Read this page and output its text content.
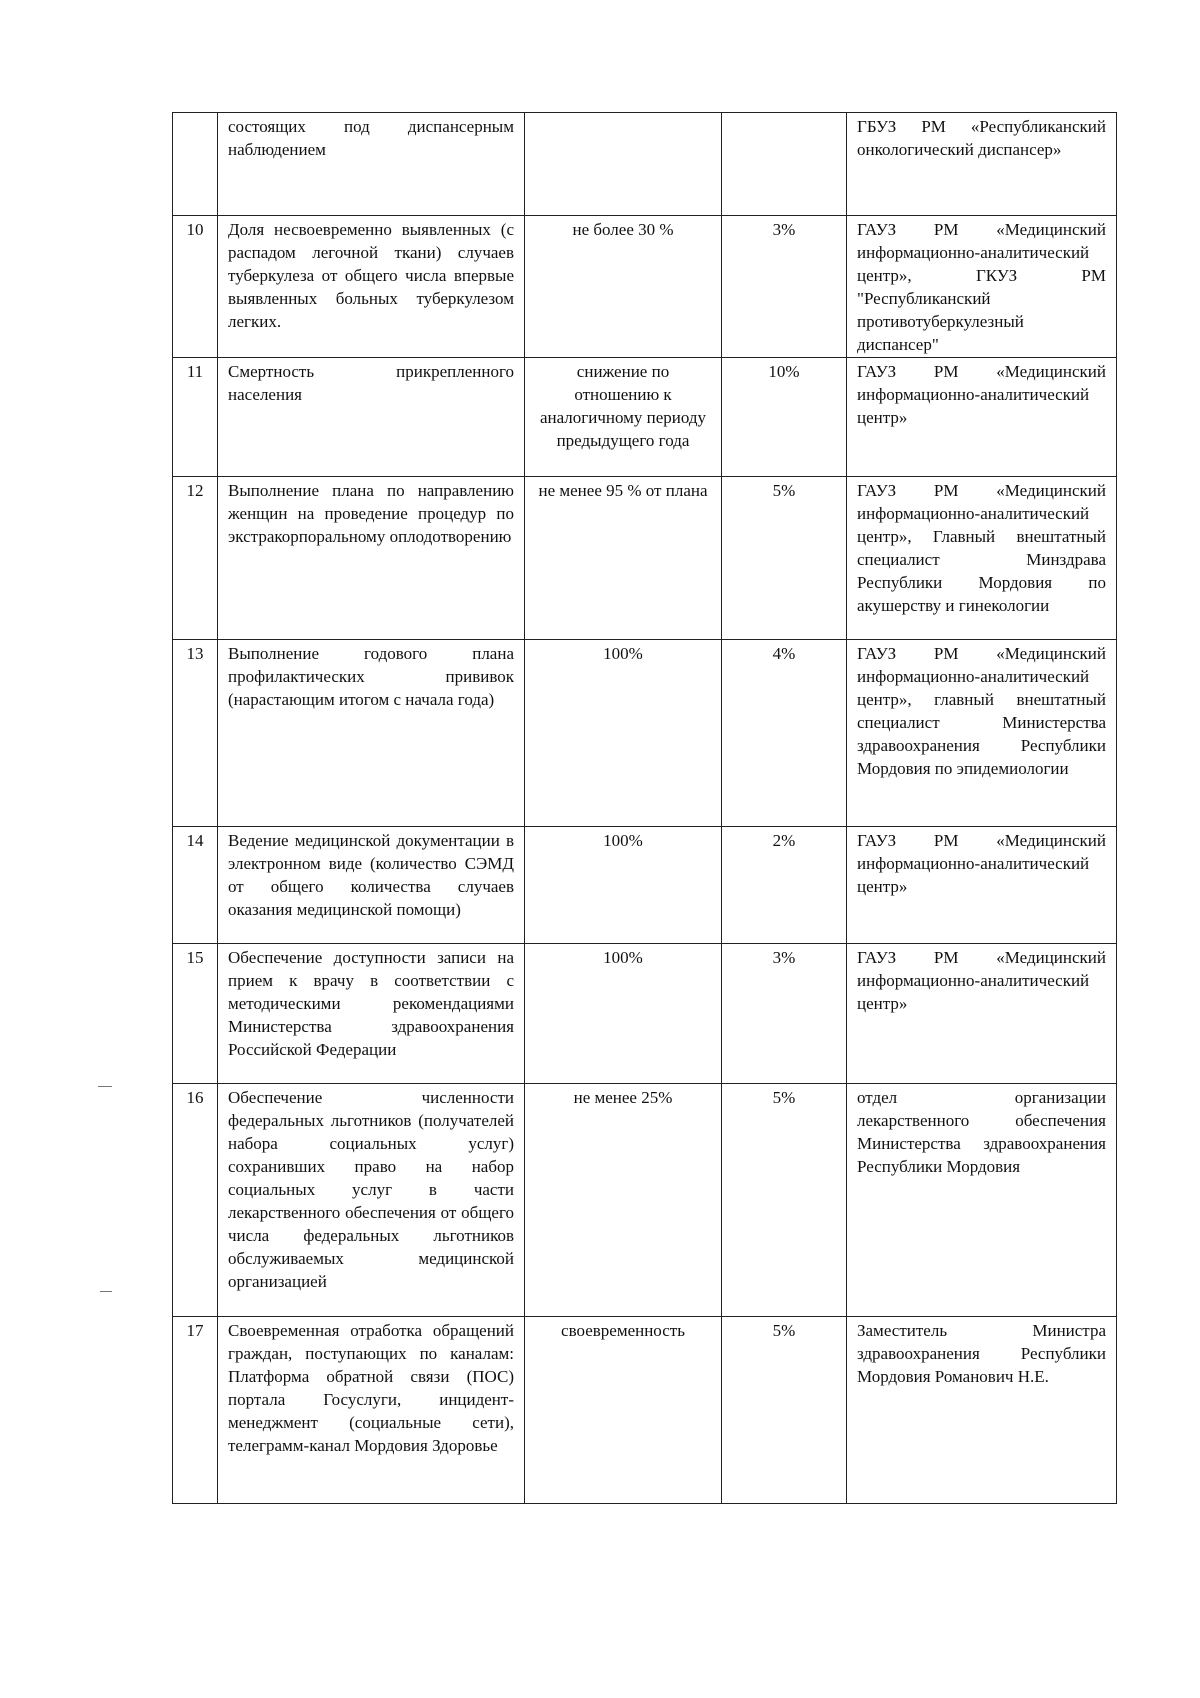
	состоящих под диспансерным наблюдением			ГБУЗ РМ «Республиканский онкологический диспансер»
10	Доля несвоевременно выявленных (с распадом легочной ткани) случаев туберкулеза от общего числа впервые выявленных больных туберкулезом легких.	не более 30 %	3%	ГАУЗ РМ «Медицинский информационно-аналитический центр», ГКУЗ РМ "Республиканский противотуберкулезный диспансер"
11	Смертность прикрепленного населения	снижение по отношению к аналогичному периоду предыдущего года	10%	ГАУЗ РМ «Медицинский информационно-аналитический центр»
12	Выполнение плана по направлению женщин на проведение процедур по экстракорпоральному оплодотворению	не менее 95 % от плана	5%	ГАУЗ РМ «Медицинский информационно-аналитический центр», Главный внештатный специалист Минздрава Республики Мордовия по акушерству и гинекологии
13	Выполнение годового плана профилактических прививок (нарастающим итогом с начала года)	100%	4%	ГАУЗ РМ «Медицинский информационно-аналитический центр», главный внештатный специалист Министерства здравоохранения Республики Мордовия по эпидемиологии
14	Ведение медицинской документации в электронном виде (количество СЭМД от общего количества случаев оказания медицинской помощи)	100%	2%	ГАУЗ РМ «Медицинский информационно-аналитический центр»
15	Обеспечение доступности записи на прием к врачу в соответствии с методическими рекомендациями Министерства здравоохранения Российской Федерации	100%	3%	ГАУЗ РМ «Медицинский информационно-аналитический центр»
16	Обеспечение численности федеральных льготников (получателей набора социальных услуг) сохранивших право на набор социальных услуг в части лекарственного обеспечения от общего числа федеральных льготников обслуживаемых медицинской организацией	не менее 25%	5%	отдел организации лекарственного обеспечения Министерства здравоохранения Республики Мордовия
17	Своевременная отработка обращений граждан, поступающих по каналам: Платформа обратной связи (ПОС) портала Госуслуги, инцидент-менеджмент (социальные сети), телеграмм-канал Мордовия Здоровье	своевременность	5%	Заместитель Министра здравоохранения Республики Мордовия Романович Н.Е.
